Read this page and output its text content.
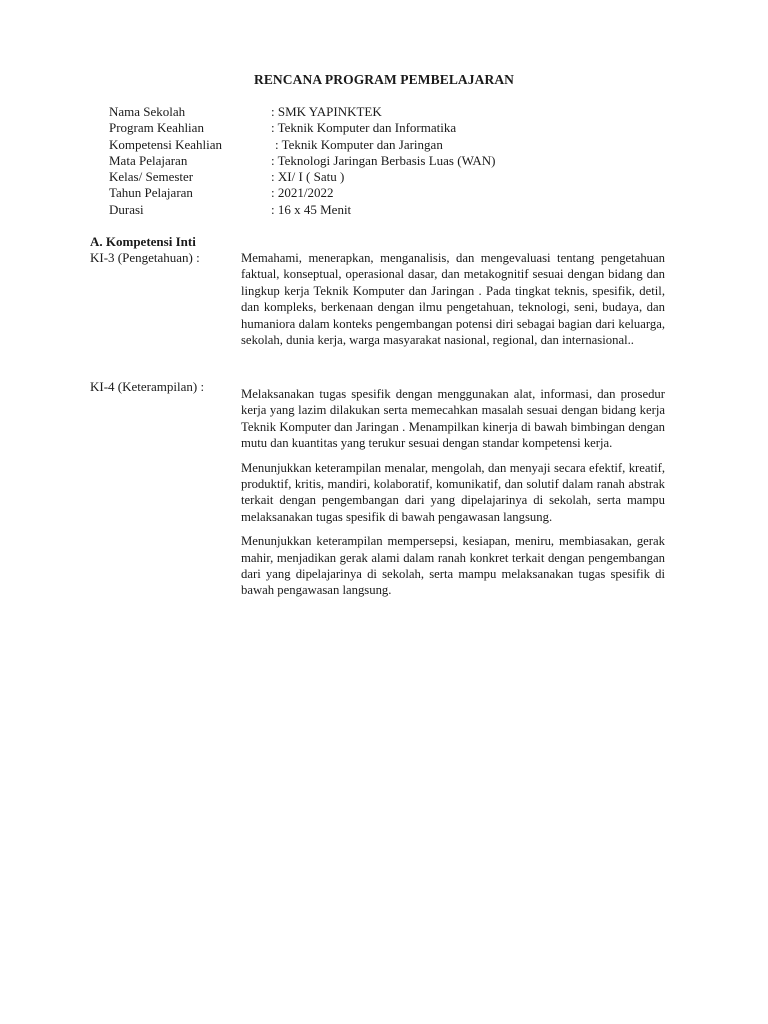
RENCANA PROGRAM PEMBELAJARAN
Nama Sekolah	: SMK YAPINKTEK
Program Keahlian	: Teknik Komputer dan Informatika
Kompetensi Keahlian	: Teknik Komputer dan Jaringan
Mata Pelajaran	: Teknologi Jaringan Berbasis Luas (WAN)
Kelas/ Semester	: XI/ I ( Satu )
Tahun Pelajaran	: 2021/2022
Durasi	: 16 x 45 Menit
A. Kompetensi Inti
KI-3 (Pengetahuan) :	Memahami, menerapkan, menganalisis, dan mengevaluasi tentang pengetahuan faktual, konseptual, operasional dasar, dan metakognitif sesuai dengan bidang dan lingkup kerja Teknik Komputer dan Jaringan . Pada tingkat teknis, spesifik, detil, dan kompleks, berkenaan dengan ilmu pengetahuan, teknologi, seni, budaya, dan humaniora dalam konteks pengembangan potensi diri sebagai bagian dari keluarga, sekolah, dunia kerja, warga masyarakat nasional, regional, dan internasional..

KI-4 (Keterampilan) :	Melaksanakan tugas spesifik dengan menggunakan alat, informasi, dan prosedur kerja yang lazim dilakukan serta memecahkan masalah sesuai dengan bidang kerja Teknik Komputer dan Jaringan . Menampilkan kinerja di bawah bimbingan dengan mutu dan kuantitas yang terukur sesuai dengan standar kompetensi kerja.

Menunjukkan keterampilan menalar, mengolah, dan menyaji secara efektif, kreatif, produktif, kritis, mandiri, kolaboratif, komunikatif, dan solutif dalam ranah abstrak terkait dengan pengembangan dari yang dipelajarinya di sekolah, serta mampu melaksanakan tugas spesifik di bawah pengawasan langsung.

Menunjukkan keterampilan mempersepsi, kesiapan, meniru, membiasakan, gerak mahir, menjadikan gerak alami dalam ranah konkret terkait dengan pengembangan dari yang dipelajarinya di sekolah, serta mampu melaksanakan tugas spesifik di bawah pengawasan langsung.
